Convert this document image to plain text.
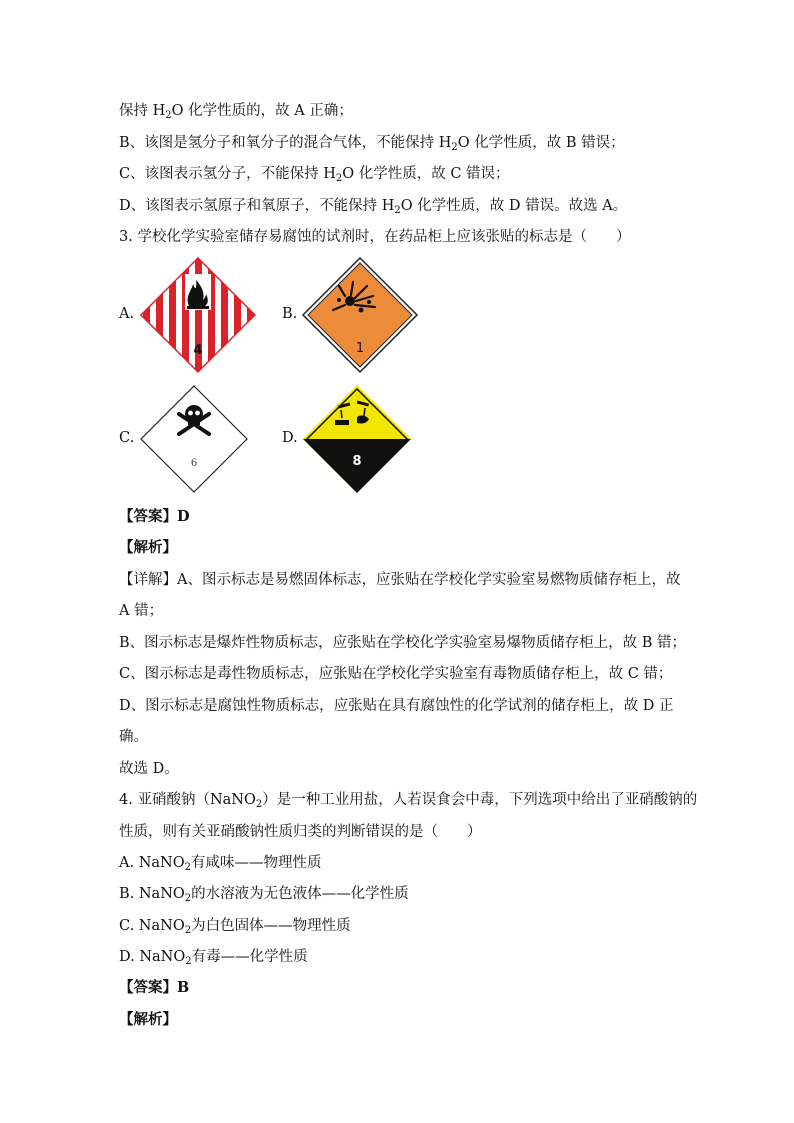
保持 $H_2O$ 化学性质的，故 A 正确；
B、该图是氢分子和氧分子的混合气体，不能保持 $H_2O$ 化学性质，故 B 错误；
C、该图表示氢分子，不能保持 $H_2O$ 化学性质，故 C 错误；
D、该图表示氢原子和氧原子，不能保持 $H_2O$ 化学性质，故 D 错误。故选 A。
3. 学校化学实验室储存易腐蚀的试剂时，在药品柜上应该张贴的标志是（　　）
A.
4
B.
1
C.
6
D.
8
【答案】D
【解析】
【详解】A、图示标志是易燃固体标志，应张贴在学校化学实验室易燃物质储存柜上，故
A 错；
B、图示标志是爆炸性物质标志，应张贴在学校化学实验室易爆物质储存柜上，故 B 错；
C、图示标志是毒性物质标志，应张贴在学校化学实验室有毒物质储存柜上，故 C 错；
D、图示标志是腐蚀性物质标志，应张贴在具有腐蚀性的化学试剂的储存柜上，故 D 正
确。
故选 D。
4. 亚硝酸钠（NaNO$_2$）是一种工业用盐，人若误食会中毒，下列选项中给出了亚硝酸钠的
性质，则有关亚硝酸钠性质归类的判断错误的是（　　）
A. NaNO$_2$有咸味——物理性质
B. NaNO$_2$的水溶液为无色液体——化学性质
C. NaNO$_2$为白色固体——物理性质
D. NaNO$_2$有毒——化学性质
【答案】B
【解析】
